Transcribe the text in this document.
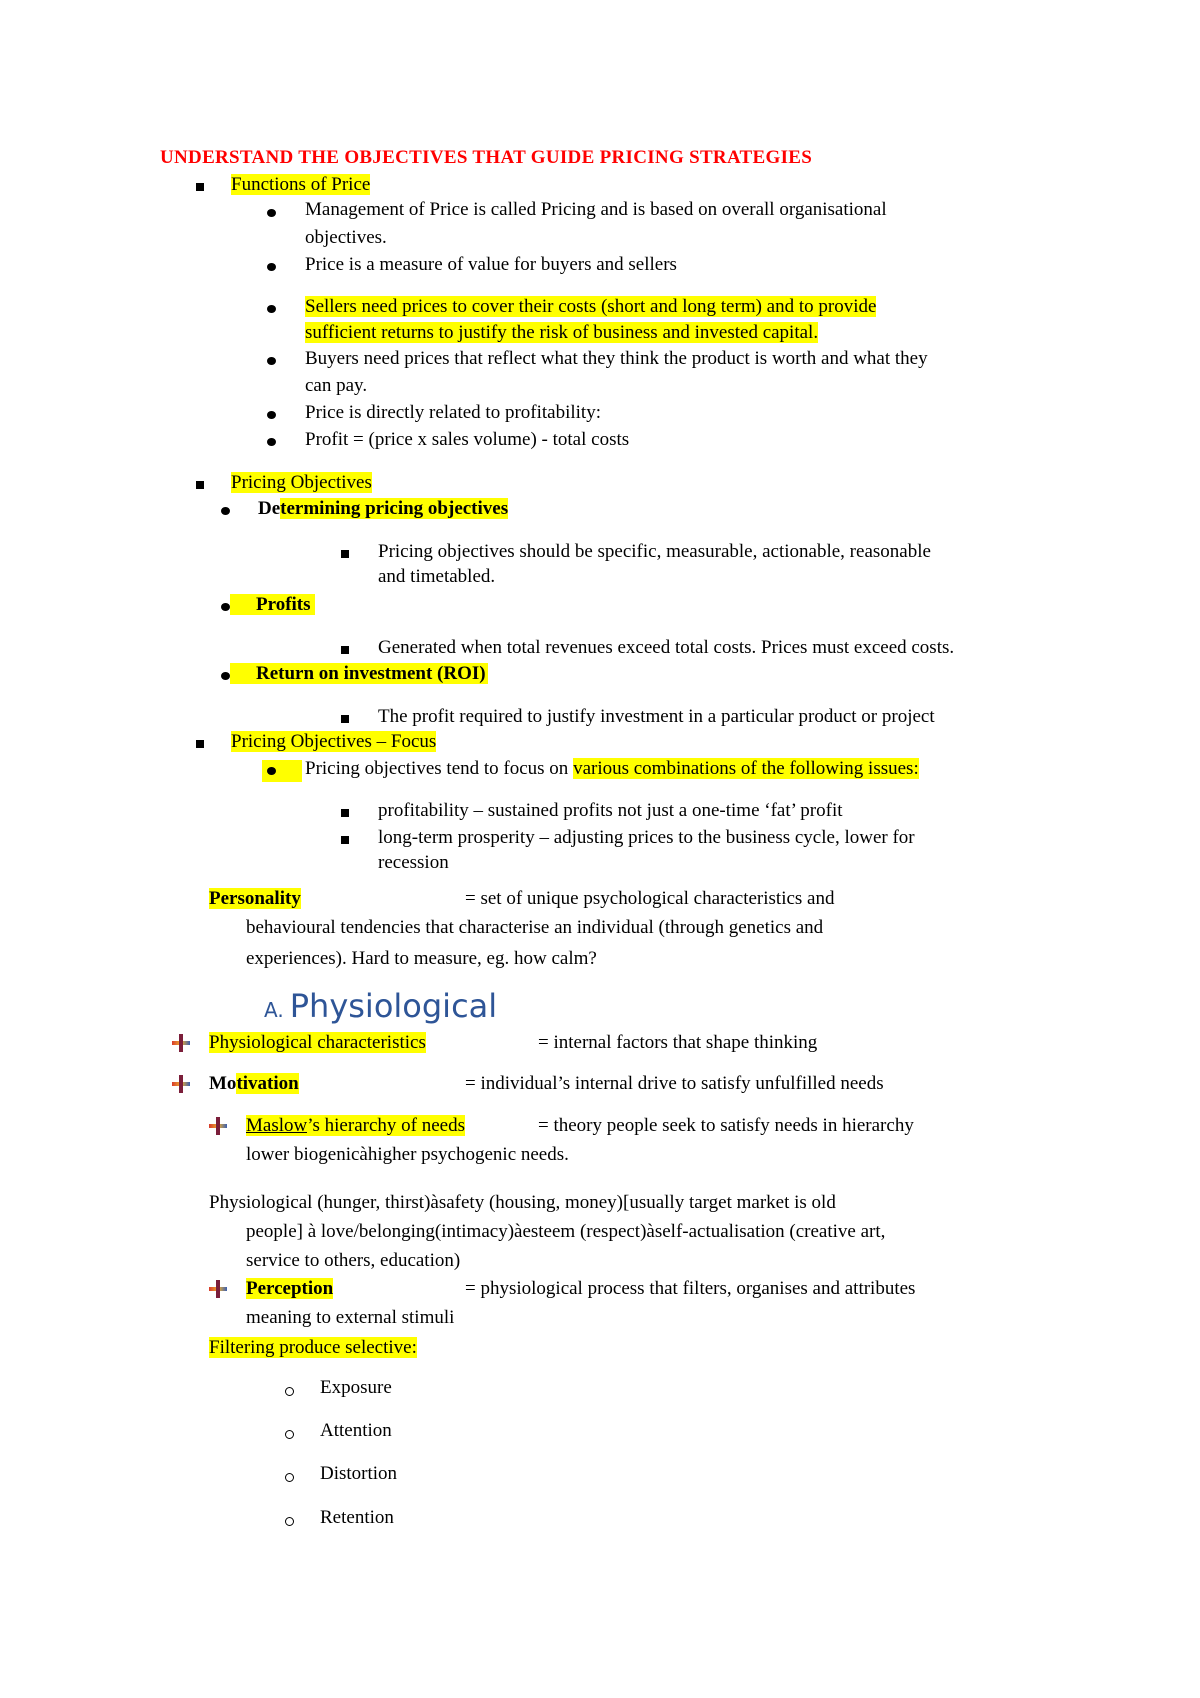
UNDERSTAND THE OBJECTIVES THAT GUIDE PRICING STRATEGIES
Functions of Price
Management of Price is called Pricing and is based on overall organisational
objectives.
Price is a measure of value for buyers and sellers
Sellers need prices to cover their costs (short and long term) and to provide
sufficient returns to justify the risk of business and invested capital.
Buyers need prices that reflect what they think the product is worth and what they
can pay.
Price is directly related to profitability:
Profit = (price x sales volume) - total costs
Pricing Objectives
Determining pricing objectives
Pricing objectives should be specific, measurable, actionable, reasonable
and timetabled.
Profits
Generated when total revenues exceed total costs. Prices must exceed costs.
Return on investment (ROI)
The profit required to justify investment in a particular product or project
Pricing Objectives – Focus
Pricing objectives tend to focus on various combinations of the following issues:
profitability – sustained profits not just a one-time ‘fat’ profit
long-term prosperity – adjusting prices to the business cycle, lower for
recession
Personality	= set of unique psychological characteristics and
behavioural tendencies that characterise an individual (through genetics and
experiences). Hard to measure, eg. how calm?
A. Physiological
Physiological characteristics	= internal factors that shape thinking
Motivation	= individual’s internal drive to satisfy unfulfilled needs
Maslow’s hierarchy of needs	= theory people seek to satisfy needs in hierarchy
lower biogenicàhigher psychogenic needs.
Physiological (hunger, thirst)àsafety (housing, money)[usually target market is old
people] à love/belonging(intimacy)àesteem (respect)àself-actualisation (creative art,
service to others, education)
Perception	= physiological process that filters, organises and attributes
meaning to external stimuli
Filtering produce selective:
Exposure
Attention
Distortion
Retention
